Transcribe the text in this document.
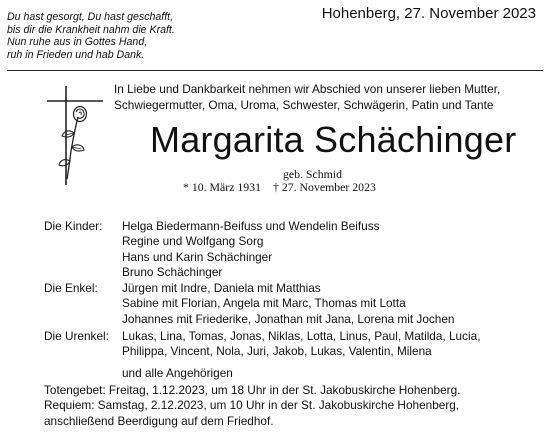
Du hast gesorgt, Du hast geschafft,
bis dir die Krankheit nahm die Kraft.
Nun ruhe aus in Gottes Hand,
ruh in Frieden und hab Dank.
Hohenberg, 27. November 2023
In Liebe und Dankbarkeit nehmen wir Abschied von unserer lieben Mutter,
Schwiegermutter, Oma, Uroma, Schwester, Schwägerin, Patin und Tante
Margarita Schächinger
geb. Schmid
* 10. März 1931 † 27. November 2023
Die Kinder: Helga Biedermann-Beifuss und Wendelin Beifuss
Regine und Wolfgang Sorg
Hans und Karin Schächinger
Bruno Schächinger
Die Enkel: Jürgen mit Indre, Daniela mit Matthias
Sabine mit Florian, Angela mit Marc, Thomas mit Lotta
Johannes mit Friederike, Jonathan mit Jana, Lorena mit Jochen
Die Urenkel: Lukas, Lina, Tomas, Jonas, Niklas, Lotta, Linus, Paul, Matilda, Lucia,
Philippa, Vincent, Nola, Juri, Jakob, Lukas, Valentin, Milena
und alle Angehörigen
Totengebet: Freitag, 1.12.2023, um 18 Uhr in der St. Jakobuskirche Hohenberg.
Requiem: Samstag, 2.12.2023, um 10 Uhr in der St. Jakobuskirche Hohenberg,
anschließend Beerdigung auf dem Friedhof.
